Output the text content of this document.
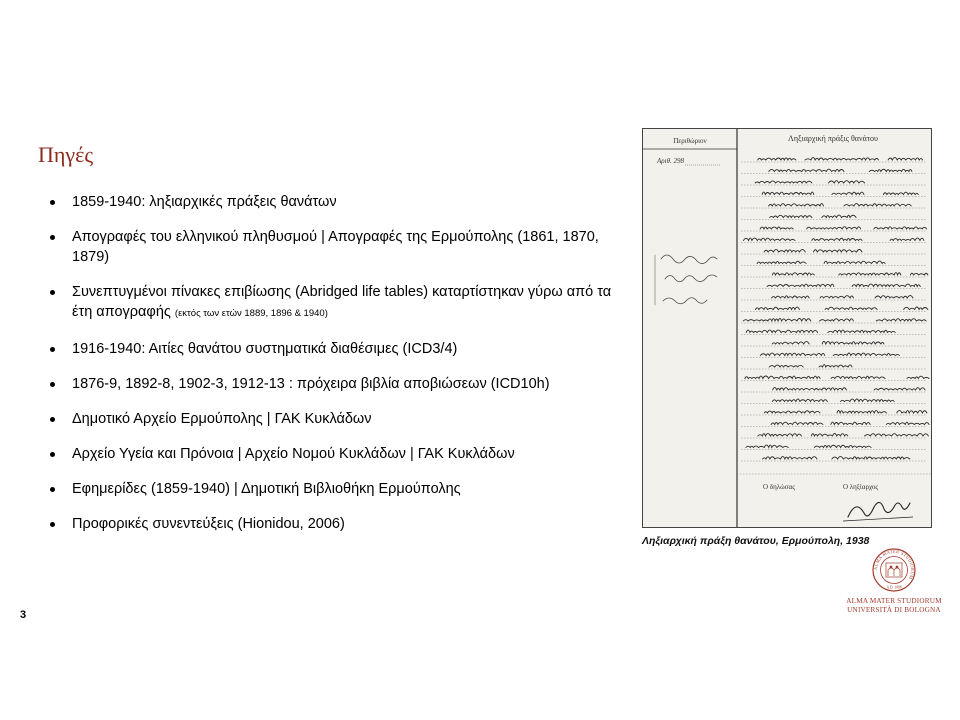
Πηγές
1859-1940: ληξιαρχικές πράξεις θανάτων
Απογραφές του ελληνικού πληθυσμού | Απογραφές της Ερμούπολης (1861, 1870, 1879)
Συνεπτυγμένοι πίνακες επιβίωσης (Abridged life tables) καταρτίστηκαν γύρω από τα έτη απογραφής (εκτός των ετών 1889, 1896 & 1940)
1916-1940: Αιτίες θανάτου συστηματικά διαθέσιμες (ICD3/4)
1876-9, 1892-8, 1902-3, 1912-13 : πρόχειρα βιβλία αποβιώσεων (ICD10h)
Δημοτικό Αρχείο Ερμούπολης | ΓΑΚ Κυκλάδων
Αρχείο Υγεία και Πρόνοια | Αρχείο Νομού Κυκλάδων | ΓΑΚ Κυκλάδων
Εφημερίδες (1859-1940) | Δημοτική Βιβλιοθήκη Ερμούπολης
Προφορικές συνεντεύξεις (Hionidou, 2006)
Περιθώριον	Ληξιαρχική πράξις θανάτου
Αριθ. 298
Ο δηλώσας	Ο ληξίαρχος
Ληξιαρχική πράξη θανάτου, Ερμούπολη, 1938
3
ALMA MATER STUDIORUM
A.D. 1088
ALMA MATER STUDIORUM
UNIVERSITÀ DI BOLOGNA
